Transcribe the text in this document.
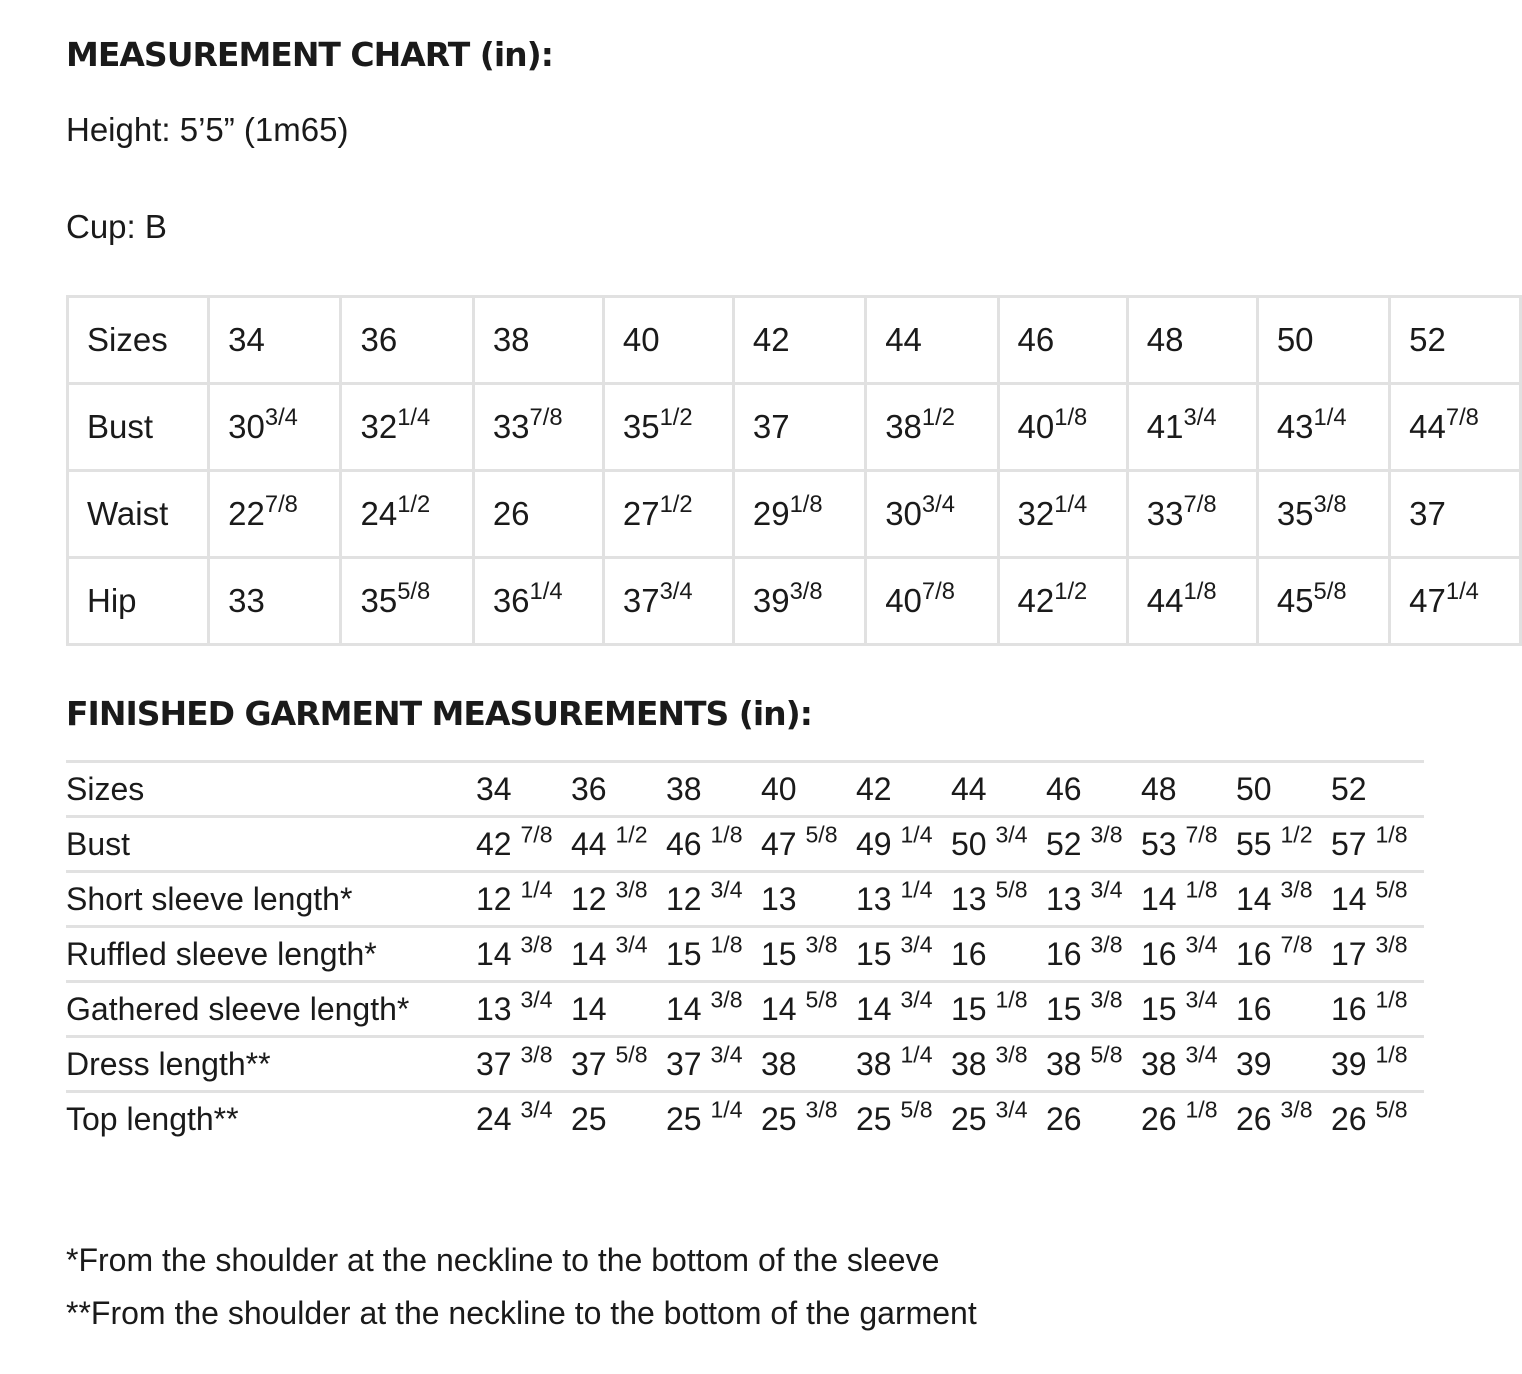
MEASUREMENT CHART (in):

Height: 5’5” (1m65)

Cup: B

Sizes	34	36	38	40	42	44	46	48	50	52
Bust	$30^{3/4}$	$32^{1/4}$	$33^{7/8}$	$35^{1/2}$	37	$38^{1/2}$	$40^{1/8}$	$41^{3/4}$	$43^{1/4}$	$44^{7/8}$
Waist	$22^{7/8}$	$24^{1/2}$	26	$27^{1/2}$	$29^{1/8}$	$30^{3/4}$	$32^{1/4}$	$33^{7/8}$	$35^{3/8}$	37
Hip	33	$35^{5/8}$	$36^{1/4}$	$37^{3/4}$	$39^{3/8}$	$40^{7/8}$	$42^{1/2}$	$44^{1/8}$	$45^{5/8}$	$47^{1/4}$
FINISHED GARMENT MEASUREMENTS (in):
Sizes	34	36	38	40	42	44	46	48	50	52
Bust	42 $^{7/8}$	44 $^{1/2}$	46 $^{1/8}$	47 $^{5/8}$	49 $^{1/4}$	50 $^{3/4}$	52 $^{3/8}$	53 $^{7/8}$	55 $^{1/2}$	57 $^{1/8}$
Short sleeve length*	12 $^{1/4}$	12 $^{3/8}$	12 $^{3/4}$	13	13 $^{1/4}$	13 $^{5/8}$	13 $^{3/4}$	14 $^{1/8}$	14 $^{3/8}$	14 $^{5/8}$
Ruffled sleeve length*	14 $^{3/8}$	14 $^{3/4}$	15 $^{1/8}$	15 $^{3/8}$	15 $^{3/4}$	16	16 $^{3/8}$	16 $^{3/4}$	16 $^{7/8}$	17 $^{3/8}$
Gathered sleeve length*	13 $^{3/4}$	14	14 $^{3/8}$	14 $^{5/8}$	14 $^{3/4}$	15 $^{1/8}$	15 $^{3/8}$	15 $^{3/4}$	16	16 $^{1/8}$
Dress length**	37 $^{3/8}$	37 $^{5/8}$	37 $^{3/4}$	38	38 $^{1/4}$	38 $^{3/8}$	38 $^{5/8}$	38 $^{3/4}$	39	39 $^{1/8}$
Top length**	24 $^{3/4}$	25	25 $^{1/4}$	25 $^{3/8}$	25 $^{5/8}$	25 $^{3/4}$	26	26 $^{1/8}$	26 $^{3/8}$	26 $^{5/8}$

*From the shoulder at the neckline to the bottom of the sleeve

**From the shoulder at the neckline to the bottom of the garment
